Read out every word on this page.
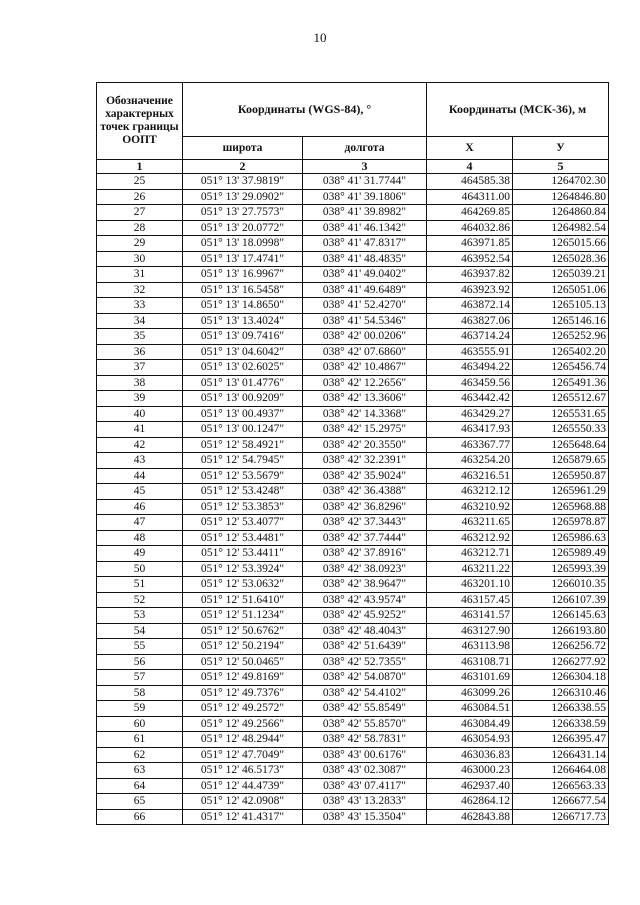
10
Обозначение характерных точек границы ООПТ	Координаты (WGS-84), °		Координаты (МСК-36), м	
	широта	долгота	X	У
1	2	3	4	5
25	051° 13' 37.9819"	038° 41' 31.7744"	464585.38	1264702.30
26	051° 13' 29.0902"	038° 41' 39.1806"	464311.00	1264846.80
27	051° 13' 27.7573"	038° 41' 39.8982"	464269.85	1264860.84
28	051° 13' 20.0772"	038° 41' 46.1342"	464032.86	1264982.54
29	051° 13' 18.0998"	038° 41' 47.8317"	463971.85	1265015.66
30	051° 13' 17.4741"	038° 41' 48.4835"	463952.54	1265028.36
31	051° 13' 16.9967"	038° 41' 49.0402"	463937.82	1265039.21
32	051° 13' 16.5458"	038° 41' 49.6489"	463923.92	1265051.06
33	051° 13' 14.8650"	038° 41' 52.4270"	463872.14	1265105.13
34	051° 13' 13.4024"	038° 41' 54.5346"	463827.06	1265146.16
35	051° 13' 09.7416"	038° 42' 00.0206"	463714.24	1265252.96
36	051° 13' 04.6042"	038° 42' 07.6860"	463555.91	1265402.20
37	051° 13' 02.6025"	038° 42' 10.4867"	463494.22	1265456.74
38	051° 13' 01.4776"	038° 42' 12.2656"	463459.56	1265491.36
39	051° 13' 00.9209"	038° 42' 13.3606"	463442.42	1265512.67
40	051° 13' 00.4937"	038° 42' 14.3368"	463429.27	1265531.65
41	051° 13' 00.1247"	038° 42' 15.2975"	463417.93	1265550.33
42	051° 12' 58.4921"	038° 42' 20.3550"	463367.77	1265648.64
43	051° 12' 54.7945"	038° 42' 32.2391"	463254.20	1265879.65
44	051° 12' 53.5679"	038° 42' 35.9024"	463216.51	1265950.87
45	051° 12' 53.4248"	038° 42' 36.4388"	463212.12	1265961.29
46	051° 12' 53.3853"	038° 42' 36.8296"	463210.92	1265968.88
47	051° 12' 53.4077"	038° 42' 37.3443"	463211.65	1265978.87
48	051° 12' 53.4481"	038° 42' 37.7444"	463212.92	1265986.63
49	051° 12' 53.4411"	038° 42' 37.8916"	463212.71	1265989.49
50	051° 12' 53.3924"	038° 42' 38.0923"	463211.22	1265993.39
51	051° 12' 53.0632"	038° 42' 38.9647"	463201.10	1266010.35
52	051° 12' 51.6410"	038° 42' 43.9574"	463157.45	1266107.39
53	051° 12' 51.1234"	038° 42' 45.9252"	463141.57	1266145.63
54	051° 12' 50.6762"	038° 42' 48.4043"	463127.90	1266193.80
55	051° 12' 50.2194"	038° 42' 51.6439"	463113.98	1266256.72
56	051° 12' 50.0465"	038° 42' 52.7355"	463108.71	1266277.92
57	051° 12' 49.8169"	038° 42' 54.0870"	463101.69	1266304.18
58	051° 12' 49.7376"	038° 42' 54.4102"	463099.26	1266310.46
59	051° 12' 49.2572"	038° 42' 55.8549"	463084.51	1266338.55
60	051° 12' 49.2566"	038° 42' 55.8570"	463084.49	1266338.59
61	051° 12' 48.2944"	038° 42' 58.7831"	463054.93	1266395.47
62	051° 12' 47.7049"	038° 43' 00.6176"	463036.83	1266431.14
63	051° 12' 46.5173"	038° 43' 02.3087"	463000.23	1266464.08
64	051° 12' 44.4739"	038° 43' 07.4117"	462937.40	1266563.33
65	051° 12' 42.0908"	038° 43' 13.2833"	462864.12	1266677.54
66	051° 12' 41.4317"	038° 43' 15.3504"	462843.88	1266717.73
